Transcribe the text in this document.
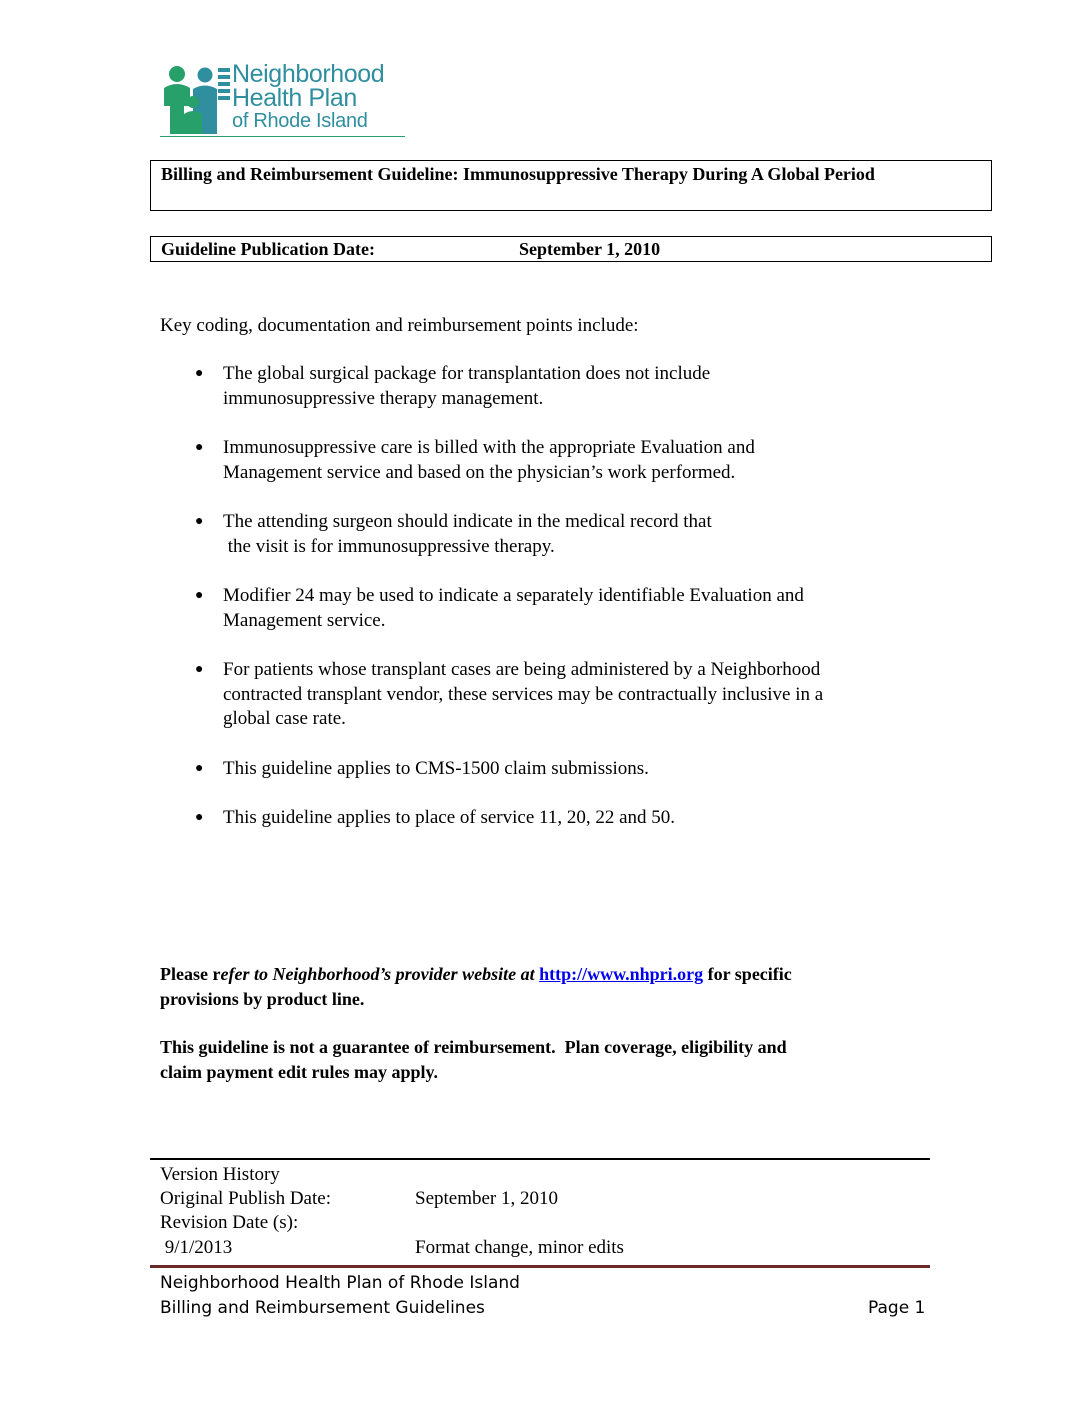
Neighborhood
Health Plan
of Rhode Island
Billing and Reimbursement Guideline: Immunosuppressive Therapy During A Global Period
Guideline Publication Date:	September 1, 2010
Key coding, documentation and reimbursement points include:
● The global surgical package for transplantation does not include
immunosuppressive therapy management.
● Immunosuppressive care is billed with the appropriate Evaluation and
Management service and based on the physician’s work performed.
● The attending surgeon should indicate in the medical record that
the visit is for immunosuppressive therapy.
● Modifier 24 may be used to indicate a separately identifiable Evaluation and
Management service.
● For patients whose transplant cases are being administered by a Neighborhood
contracted transplant vendor, these services may be contractually inclusive in a
global case rate.
● This guideline applies to CMS-1500 claim submissions.
● This guideline applies to place of service 11, 20, 22 and 50.
Please refer to Neighborhood’s provider website at http://www.nhpri.org for specific
provisions by product line.
This guideline is not a guarantee of reimbursement.  Plan coverage, eligibility and
claim payment edit rules may apply.
Version History
Original Publish Date:	September 1, 2010
Revision Date (s):
9/1/2013	Format change, minor edits
Neighborhood Health Plan of Rhode Island
Billing and Reimbursement Guidelines	Page 1
